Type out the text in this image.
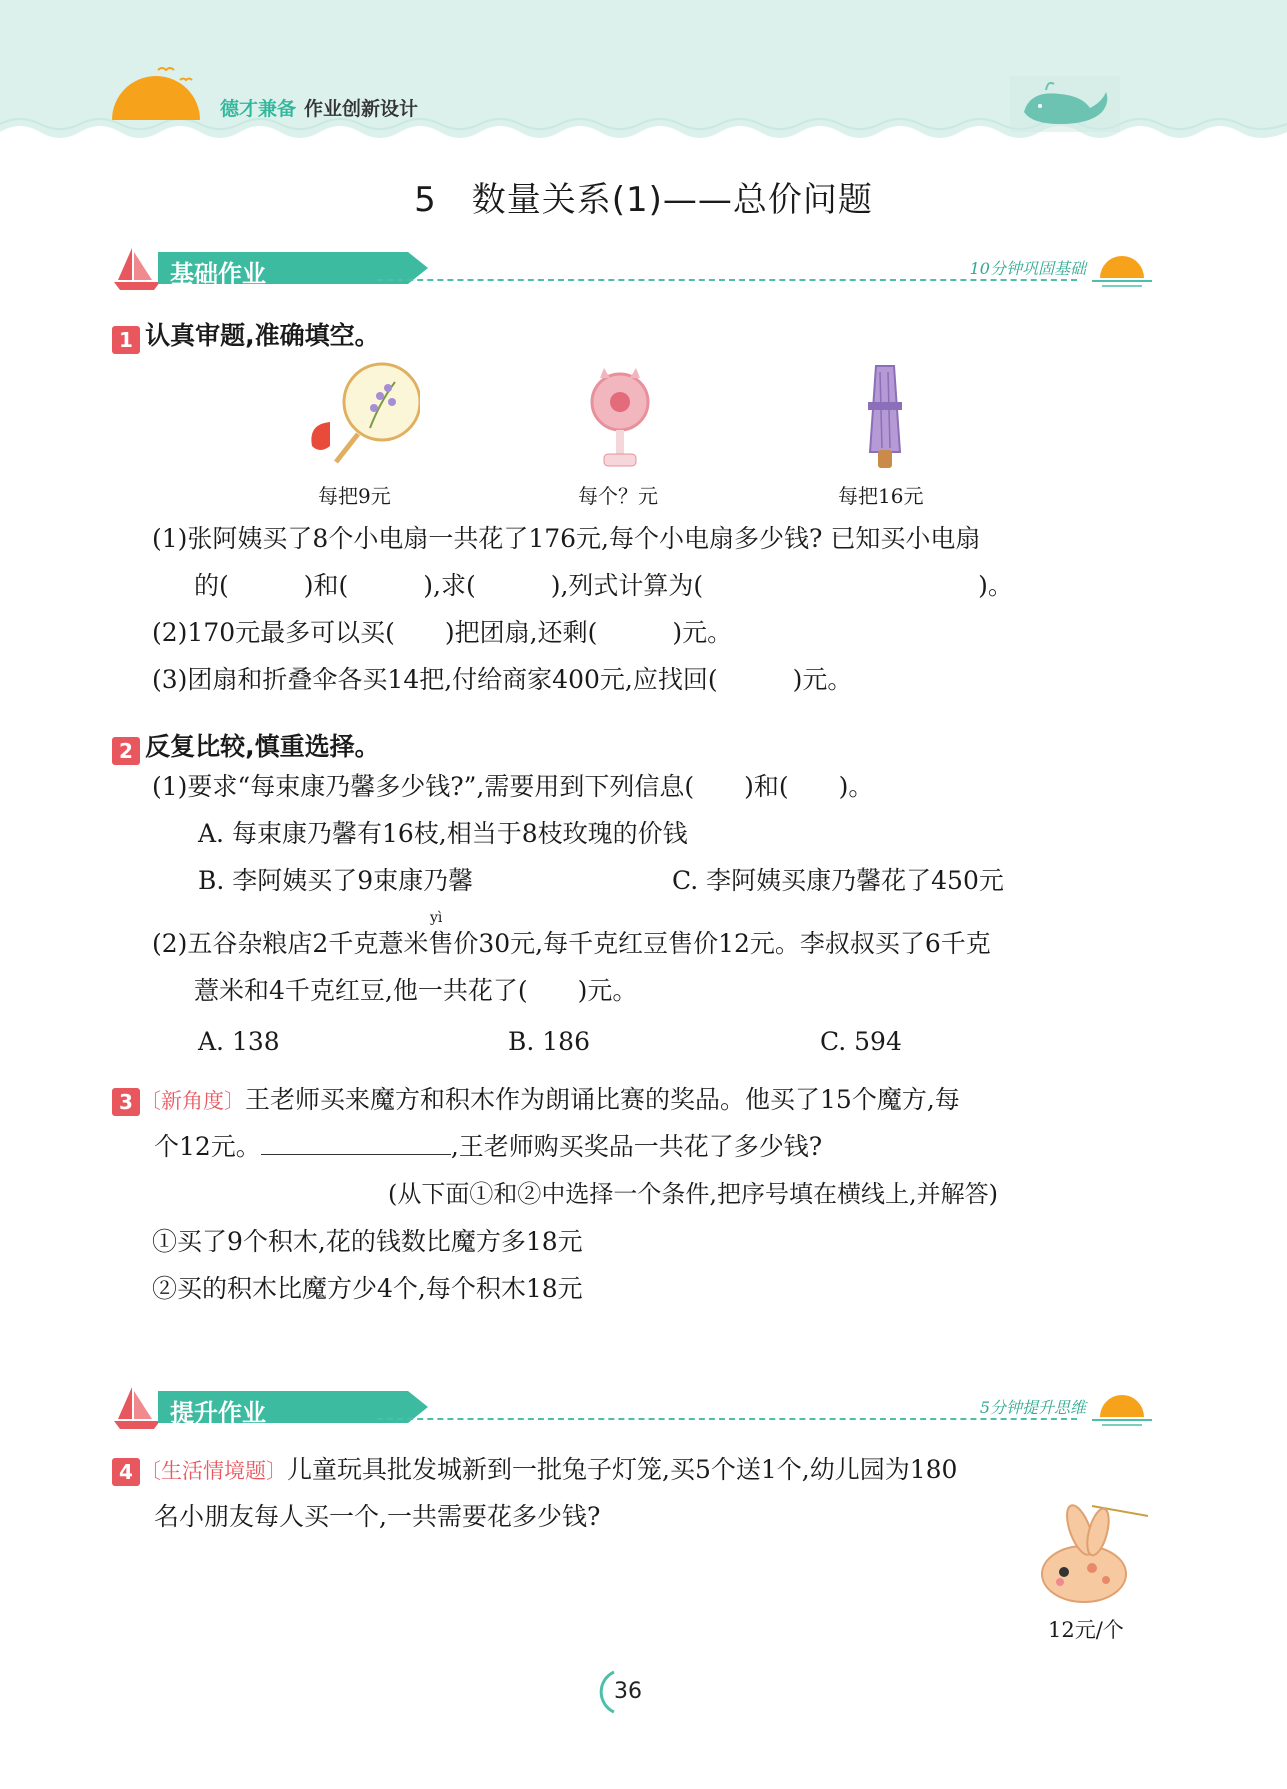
德才兼备 作业创新设计
5　数量关系(1)——总价问题
基础作业	10分钟巩固基础
1 认真审题,准确填空。
每把9元	每个？元	每把16元
(1)张阿姨买了8个小电扇一共花了176元,每个小电扇多少钱? 已知买小电扇
的(　　　)和(　　　),求(　　　),列式计算为(　　　　　　　　　　　)。
(2)170元最多可以买(　　)把团扇,还剩(　　　)元。
(3)团扇和折叠伞各买14把,付给商家400元,应找回(　　　)元。
2 反复比较,慎重选择。
(1)要求“每束康乃馨多少钱?”,需要用到下列信息(　　)和(　　)。
A. 每束康乃馨有16枝,相当于8枝玫瑰的价钱
B. 李阿姨买了9束康乃馨	C. 李阿姨买康乃馨花了450元
yì
(2)五谷杂粮店2千克薏米售价30元,每千克红豆售价12元。李叔叔买了6千克
薏米和4千克红豆,他一共花了(　　)元。
A. 138	B. 186	C. 594
3 〔新角度〕王老师买来魔方和积木作为朗诵比赛的奖品。他买了15个魔方,每
个12元。	,王老师购买奖品一共花了多少钱?
(从下面①和②中选择一个条件,把序号填在横线上,并解答)
①买了9个积木,花的钱数比魔方多18元
②买的积木比魔方少4个,每个积木18元
提升作业	5分钟提升思维
4 〔生活情境题〕儿童玩具批发城新到一批兔子灯笼,买5个送1个,幼儿园为180
名小朋友每人买一个,一共需要花多少钱?
12元/个
36
